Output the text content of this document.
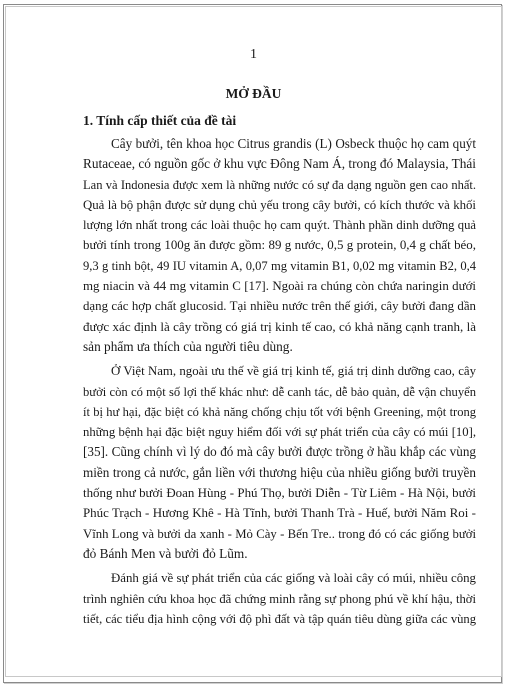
1
MỞ ĐẦU
1. Tính cấp thiết của đề tài
Cây bưởi, tên khoa học Citrus grandis (L) Osbeck thuộc họ cam quýt
Rutaceae, có nguồn gốc ở khu vực Đông Nam Á, trong đó Malaysia, Thái
Lan và Indonesia được xem là những nước có sự đa dạng nguồn gen cao nhất.
Quả là bộ phận được sử dụng chủ yếu trong cây bưởi, có kích thước và khối
lượng lớn nhất trong các loài thuộc họ cam quýt. Thành phần dinh dưỡng quả
bưởi tính trong 100g ăn được gồm: 89 g nước, 0,5 g protein, 0,4 g chất béo,
9,3 g tinh bột, 49 IU vitamin A, 0,07 mg vitamin B1, 0,02 mg vitamin B2, 0,4
mg niacin và 44 mg vitamin C [17]. Ngoài ra chúng còn chứa naringin dưới
dạng các hợp chất glucosid. Tại nhiều nước trên thế giới, cây bưởi đang dần
được xác định là cây trồng có giá trị kinh tế cao, có khả năng cạnh tranh, là
sản phẩm ưa thích của người tiêu dùng.
Ở Việt Nam, ngoài ưu thế về giá trị kinh tế, giá trị dinh dưỡng cao, cây
bưởi còn có một số lợi thế khác như: dễ canh tác, dễ bảo quản, dễ vận chuyển
ít bị hư hại, đặc biệt có khả năng chống chịu tốt với bệnh Greening, một trong
những bệnh hại đặc biệt nguy hiểm đối với sự phát triển của cây có múi [10],
[35]. Cũng chính vì lý do đó mà cây bưởi được trồng ở hầu khắp các vùng
miền trong cả nước, gắn liền với thương hiệu của nhiều giống bưởi truyền
thống như bưởi Đoan Hùng - Phú Thọ, bưởi Diễn - Từ Liêm - Hà Nội, bưởi
Phúc Trạch - Hương Khê - Hà Tĩnh, bưởi Thanh Trà - Huế, bưởi Năm Roi -
Vĩnh Long và bưởi da xanh - Mỏ Cày - Bến Tre.. trong đó có các giống bưởi
đỏ Bánh Men và bưởi đỏ Lũm.
Đánh giá về sự phát triển của các giống và loài cây có múi, nhiều công
trình nghiên cứu khoa học đã chứng minh rằng sự phong phú về khí hậu, thời
tiết, các tiểu địa hình cộng với độ phì đất và tập quán tiêu dùng giữa các vùng
